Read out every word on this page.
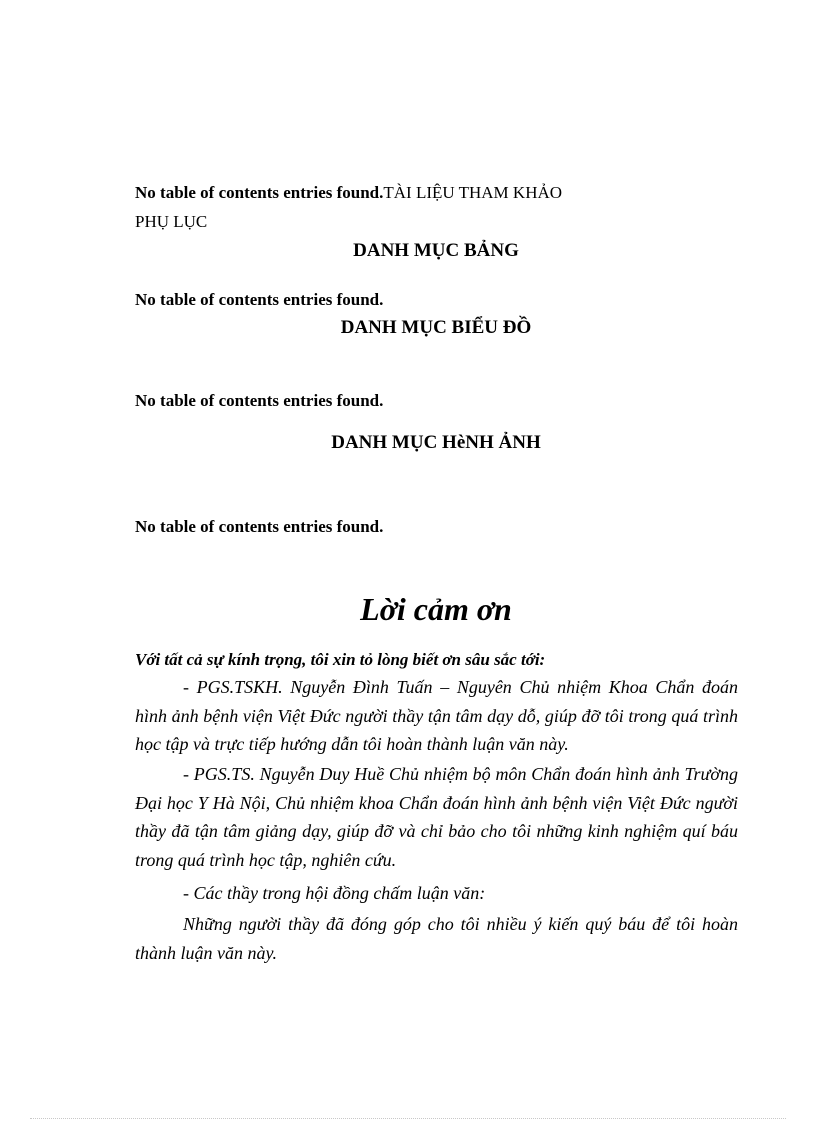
No table of contents entries found.TÀI LIỆU THAM KHẢO
PHỤ LỤC
DANH MỤC BẢNG
No table of contents entries found.
DANH MỤC BIỂU ĐỒ
No table of contents entries found.
DANH MỤC HèNH ẢNH
No table of contents entries found.
Lời cảm ơn
Với tất cả sự kính trọng, tôi xin tỏ lòng biết ơn sâu sắc tới:
- PGS.TSKH. Nguyễn Đình Tuấn – Nguyên Chủ nhiệm Khoa Chẩn đoán hình ảnh bệnh viện Việt Đức người thầy tận tâm dạy dỗ, giúp đỡ tôi trong quá trình học tập và trực tiếp hướng dẫn tôi hoàn thành luận văn này.
- PGS.TS. Nguyễn Duy Huề Chủ nhiệm bộ môn Chẩn đoán hình ảnh Trường Đại học Y Hà Nội, Chủ nhiệm khoa Chẩn đoán hình ảnh bệnh viện Việt Đức người thầy đã tận tâm giảng dạy, giúp đỡ và chỉ bảo cho tôi những kinh nghiệm quí báu trong quá trình học tập, nghiên cứu.
- Các thầy trong hội đồng chấm luận văn:
Những người thầy đã đóng góp cho tôi nhiều ý kiến quý báu để tôi hoàn thành luận văn này.
